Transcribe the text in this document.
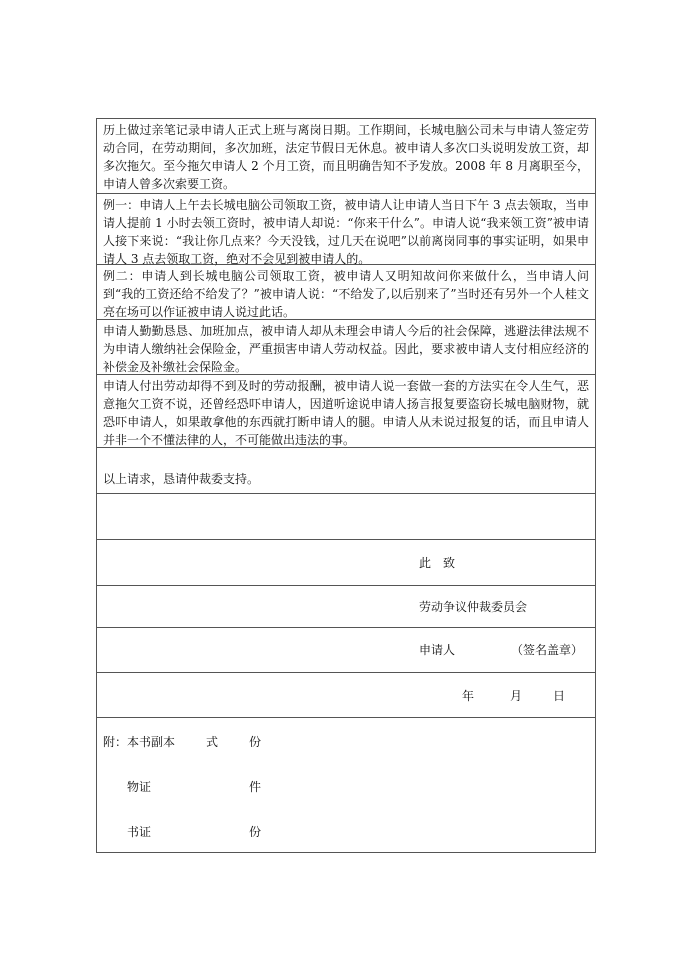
历上做过亲笔记录申请人正式上班与离岗日期。工作期间，长城电脑公司未与申请人签定劳动合同，在劳动期间，多次加班，法定节假日无休息。被申请人多次口头说明发放工资，却多次拖欠。至今拖欠申请人 2 个月工资，而且明确告知不予发放。2008 年 8 月离职至今，申请人曾多次索要工资。
例一：申请人上午去长城电脑公司领取工资，被申请人让申请人当日下午 3 点去领取，当申请人提前 1 小时去领工资时，被申请人却说：“你来干什么”。申请人说“我来领工资”被申请人接下来说：“我让你几点来？今天没钱，过几天在说吧”以前离岗同事的事实证明，如果申请人 3 点去领取工资，绝对不会见到被申请人的。
例二：申请人到长城电脑公司领取工资，被申请人又明知故问你来做什么，当申请人问到“我的工资还给不给发了？”被申请人说：“不给发了,以后别来了”当时还有另外一个人桂文亮在场可以作证被申请人说过此话。
申请人勤勤恳恳、加班加点，被申请人却从未理会申请人今后的社会保障，逃避法律法规不为申请人缴纳社会保险金，严重损害申请人劳动权益。因此，要求被申请人支付相应经济的补偿金及补缴社会保险金。
申请人付出劳动却得不到及时的劳动报酬，被申请人说一套做一套的方法实在令人生气，恶意拖欠工资不说，还曾经恐吓申请人，因道听途说申请人扬言报复要盗窃长城电脑财物，就恐吓申请人，如果敢拿他的东西就打断申请人的腿。申请人从未说过报复的话，而且申请人并非一个不懂法律的人，不可能做出违法的事。
以上请求，恳请仲裁委支持。
此　致
劳动争议仲裁委员会
申请人	（签名盖章）
年	月	日
附：本书副本	式	份
物证	件
书证	份
